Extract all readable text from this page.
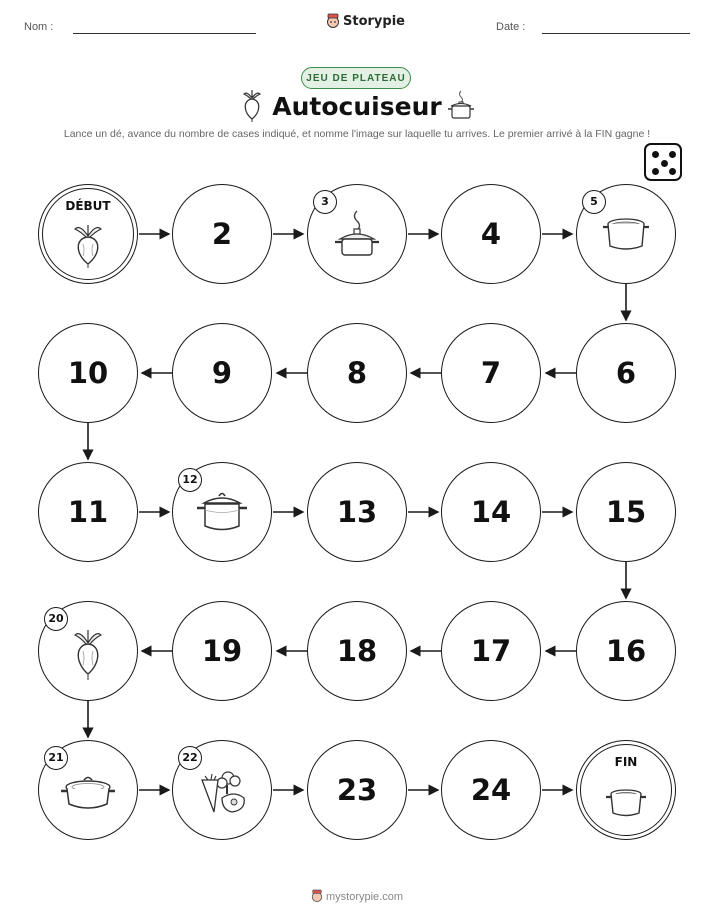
Nom :	Storypie	Date :
JEU DE PLATEAU
Autocuiseur
Lance un dé, avance du nombre de cases indiqué, et nomme l'image sur laquelle tu arrives. Le premier arrivé à la FIN gagne !
DÉBUT
2
3
4
5
6
7
8
9
10
11
12
13	14	15
16
17
18
19
20
21	22
23	24
FIN
mystorypie.com
